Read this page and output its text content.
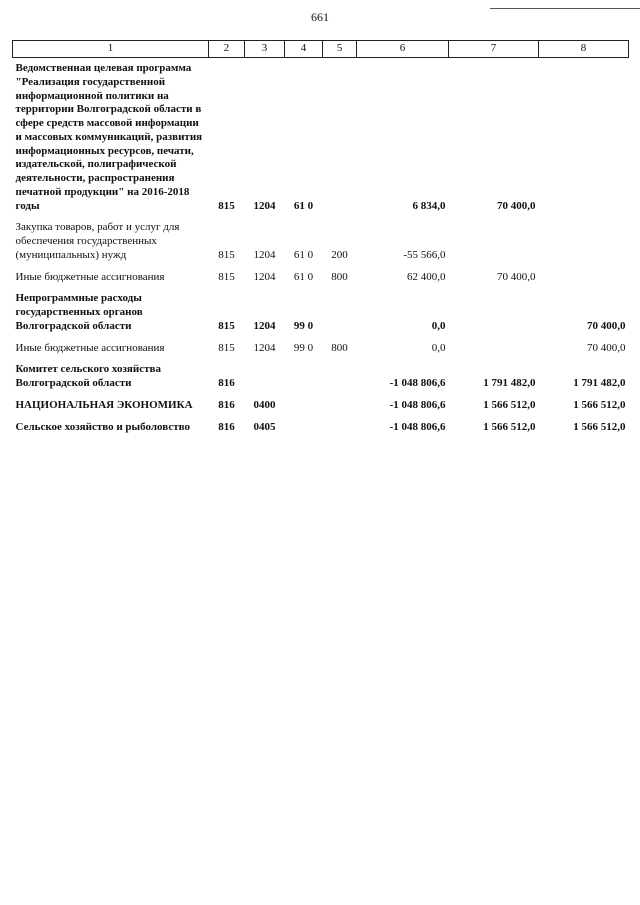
661
1	2	3	4	5	6	7	8
Ведомственная целевая программа "Реализация государственной информационной политики на территории Волгоградской области в сфере средств массовой информации и массовых коммуникаций, развития информационных ресурсов, печати, издательской, полиграфической деятельности, распространения печатной продукции" на 2016-2018 годы	815	1204	61 0		6 834,0	70 400,0	
Закупка товаров, работ и услуг для обеспечения государственных (муниципальных) нужд	815	1204	61 0	200	-55 566,0		
Иные бюджетные ассигнования	815	1204	61 0	800	62 400,0	70 400,0	
Непрограммные расходы государственных органов Волгоградской области	815	1204	99 0		0,0		70 400,0
Иные бюджетные ассигнования	815	1204	99 0	800	0,0		70 400,0
Комитет сельского хозяйства Волгоградской области	816				-1 048 806,6	1 791 482,0	1 791 482,0
НАЦИОНАЛЬНАЯ ЭКОНОМИКА	816	0400			-1 048 806,6	1 566 512,0	1 566 512,0
Сельское хозяйство и рыболовство	816	0405			-1 048 806,6	1 566 512,0	1 566 512,0
